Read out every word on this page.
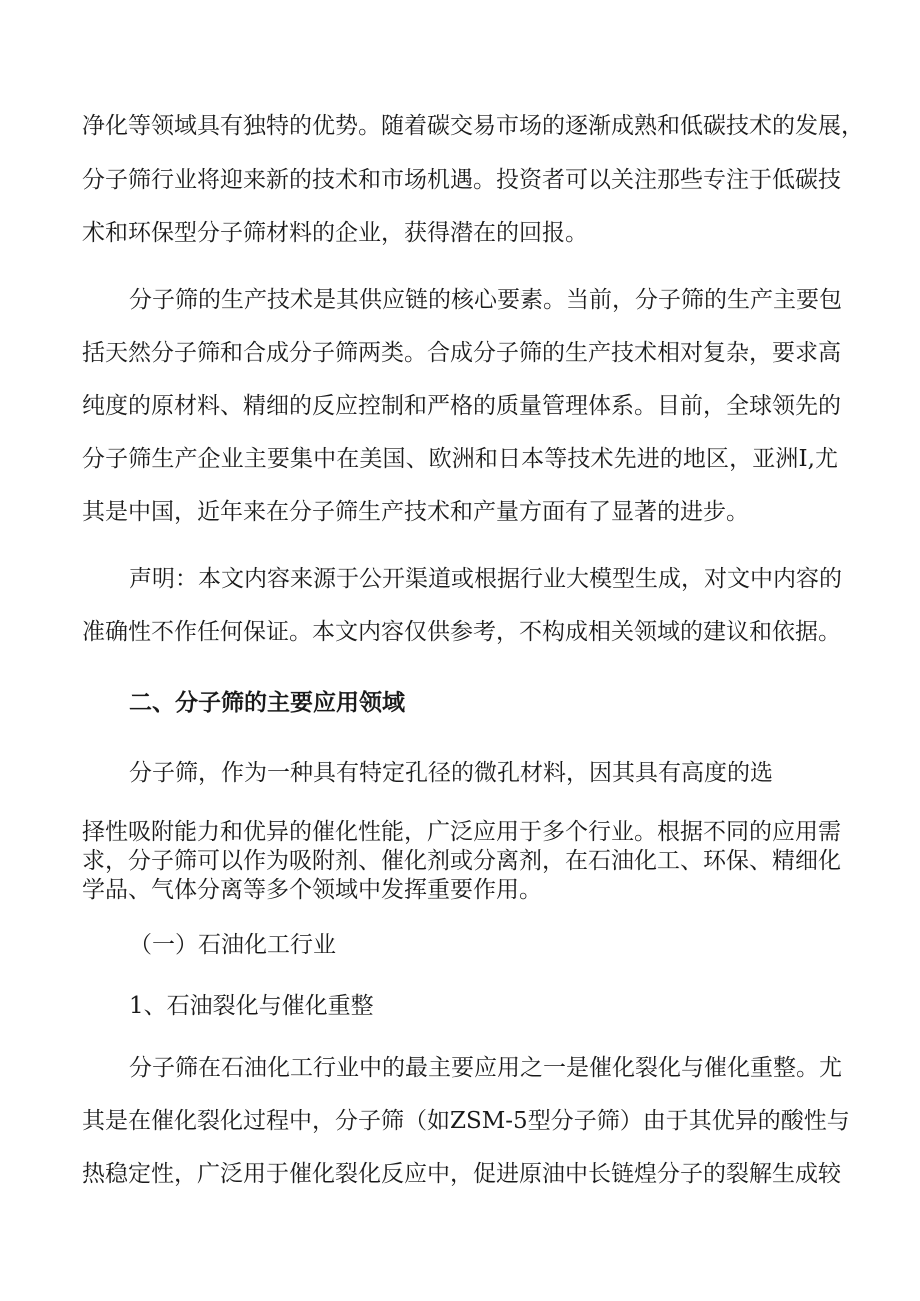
净化等领域具有独特的优势。随着碳交易市场的逐渐成熟和低碳技术的发展，
分子筛行业将迎来新的技术和市场机遇。投资者可以关注那些专注于低碳技
术和环保型分子筛材料的企业，获得潜在的回报。
分子筛的生产技术是其供应链的核心要素。当前，分子筛的生产主要包
括天然分子筛和合成分子筛两类。合成分子筛的生产技术相对复杂，要求高
纯度的原材料、精细的反应控制和严格的质量管理体系。目前，全球领先的
分子筛生产企业主要集中在美国、欧洲和日本等技术先进的地区，亚洲I,尤
其是中国，近年来在分子筛生产技术和产量方面有了显著的进步。
声明：本文内容来源于公开渠道或根据行业大模型生成，对文中内容的
准确性不作任何保证。本文内容仅供参考，不构成相关领域的建议和依据。
二、分子筛的主要应用领域
分子筛，作为一种具有特定孔径的微孔材料，因其具有高度的选
择性吸附能力和优异的催化性能，广泛应用于多个行业。根据不同的应用需
求，分子筛可以作为吸附剂、催化剂或分离剂，在石油化工、环保、精细化
学品、气体分离等多个领域中发挥重要作用。
（一）石油化工行业
1、石油裂化与催化重整
分子筛在石油化工行业中的最主要应用之一是催化裂化与催化重整。尤
其是在催化裂化过程中，分子筛（如ZSM-5型分子筛）由于其优异的酸性与
热稳定性，广泛用于催化裂化反应中，促进原油中长链煌分子的裂解生成较
